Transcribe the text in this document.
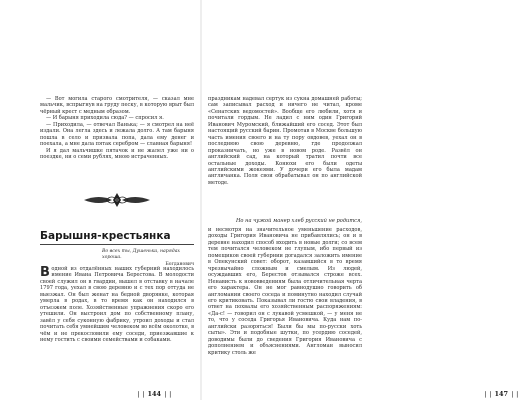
— Вот могила старого смотрителя, — сказал мне мальчик, вспрыгнув на груду песку, в которую врыт был чёрный крест с медным образом.

— И барыня приходила сюда? — спросил я.

— Приходила, — отвечал Ванька; — я смотрел на неё издали. Она легла здесь и лежала долго. А там барыня пошла в село и призвала попа, дала ему денег и поехала, а мне дала пятак серебром — славная барыня!

И я дал мальчишке пятачок и не жалел уже ни о поездке, ни о семи рублях, мною истраченных.

Барышня-крестьянка

Во всех ты, Душенька, нарядах

хороша.

Богданович

Водной из отдалённых наших губерний находилось имение Ивана Петровича Берестова. В молодости своей служил он в гвардии, вышел в отставку в начале 1797 года, уехал в свою деревню и с тех пор оттуда не выезжал. Он был женат на бедной дворянке, которая умерла в родах, в то время как он находился в отъезжем поле. Хозяйственные упражнения скоро его утешили. Он выстроил дом по собственному плану, завёл у себя суконную фабрику, утроил доходы и стал почитать себя умнейшим человеком во всём околотке, в чём и не прекословили ему соседи, приезжавшие к нему гостить с своими семействами и собаками.

❘❘ 144 ❘❘

праздникам надевал сертук из сукна домашней работы; сам записывал расход и ничего не читал, кроме «Сенатских ведомостей». Вообще его любили, хотя и почитали гордым. Не ладил с ним один Григорий Иванович Муромский, ближайший его сосед. Этот был настоящий русский барин. Промотав в Москве большую часть имения своего и на ту пору овдовев, уехал он в последнюю свою деревню, где продолжал проказничать, но уже в новом роде. Развёл он английский сад, на который тратил почти все остальные доходы. Конюхи его были одеты английскими жокеями. У дочери его была мадам англичанка. Поля свои обрабатывал он по английской методе.

Но на чужой манер хлеб русский не родится,

и несмотря на значительное уменьшение расходов, доходы Григория Ивановича не прибавлялись; он и в деревне находил способ входить в новые долги; со всем тем почитался человеком не глупым, ибо первый из помещиков своей губернии догадался заложить имение в Опекунский совет: оборот, казавшийся в то время чрезвычайно сложным и смелым. Из людей, осуждавших его, Берестов отзывался строже всех. Ненависть к нововведениям была отличительная черта его характера. Он не мог равнодушно говорить об англомании своего соседа и поминутно находил случай его критиковать. Показывал ли гостю свои владения, в ответ на похвалы его хозяйственным распоряжениям: «Да-с! — говорил он с лукавой усмешкой, — у меня не то, что у соседа Григорья Ивановича. Куда нам по-английски разоряться! Были бы мы по-русски хоть сыты». Эти и подобные шутки, по усердию соседей, доводимы были до сведения Григория Ивановича с дополнением и объяснениями. Англоман выносил критику столь же

❘❘ 147 ❘❘
